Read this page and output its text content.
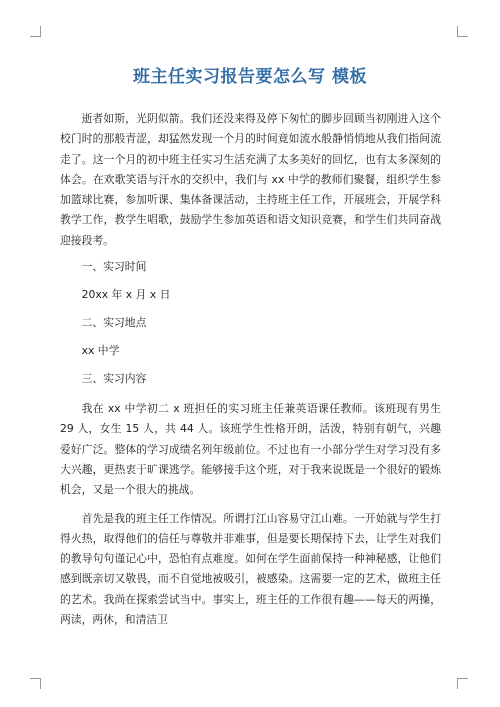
班主任实习报告要怎么写 模板

逝者如斯，光阴似箭。我们还没来得及停下匆忙的脚步回顾当初刚进入这个校门时的那般青涩，却猛然发现一个月的时间竟如流水般静悄悄地从我们指间流走了。这一个月的初中班主任实习生活充满了太多美好的回忆，也有太多深刻的体会。在欢歌笑语与汗水的交织中，我们与 xx 中学的教师们聚餐，组织学生参加篮球比赛，参加听课、集体备课活动，主持班主任工作，开展班会，开展学科教学工作，教学生唱歌，鼓励学生参加英语和语文知识竞赛，和学生们共同奋战迎接段考。

一、实习时间

20xx 年 x 月 x 日

二、实习地点

xx 中学

三、实习内容

我在 xx 中学初二 x 班担任的实习班主任兼英语课任教师。该班现有男生 29 人，女生 15 人，共 44 人。该班学生性格开朗，活泼，特别有朝气，兴趣爱好广泛。整体的学习成绩名列年级前位。不过也有一小部分学生对学习没有多大兴趣，更热衷于旷课逃学。能够接手这个班，对于我来说既是一个很好的锻炼机会，又是一个很大的挑战。

首先是我的班主任工作情况。所谓打江山容易守江山难。一开始就与学生打得火热，取得他们的信任与尊敬并非难事，但是要长期保持下去，让学生对我们的教导句句谨记心中，恐怕有点难度。如何在学生面前保持一种神秘感，让他们感到既亲切又敬畏，而不自觉地被吸引，被感染。这需要一定的艺术，做班主任的艺术。我尚在探索尝试当中。事实上，班主任的工作很有趣——每天的两操，两读，两休，和清洁卫
